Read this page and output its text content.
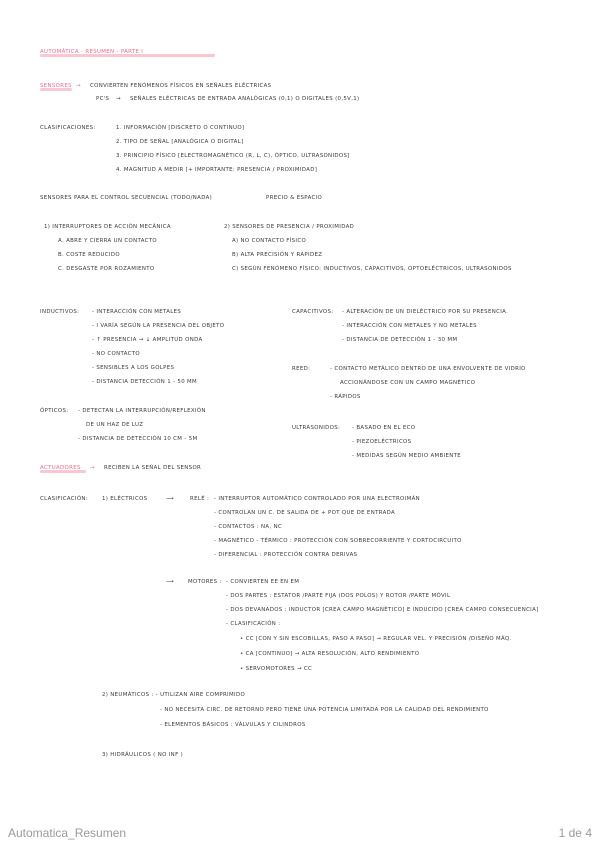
AUTOMÁTICA - RESUMEN - PARTE I
SENSORES → CONVIERTEN FENÓMENOS FÍSICOS EN SEÑALES ELÉCTRICAS
PC'S → SEÑALES ELÉCTRICAS DE ENTRADA ANALÓGICAS (0,1) O DIGITALES (0,5V,1)
CLASIFICACIONES:	1. INFORMACIÓN [DISCRETO O CONTINUO]
2. TIPO DE SEÑAL [ANALÓGICA O DIGITAL]
3. PRINCIPIO FÍSICO [ELECTROMAGNÉTICO (R, L, C), ÓPTICO, ULTRASONIDOS]
4. MAGNITUD A MEDIR [+ IMPORTANTE: PRESENCIA / PROXIMIDAD]
SENSORES PARA EL CONTROL SECUENCIAL (TODO/NADA)	PRECIO & ESPACIO
1) INTERRUPTORES DE ACCIÓN MECÁNICA
A. ABRE Y CIERRA UN CONTACTO
B. COSTE REDUCIDO
C. DESGASTE POR ROZAMIENTO
2) SENSORES DE PRESENCIA / PROXIMIDAD
A) NO CONTACTO FÍSICO
B) ALTA PRECISIÓN Y RAPIDEZ
C) SEGÚN FENÓMENO FÍSICO: INDUCTIVOS, CAPACITIVOS, OPTOELÉCTRICOS, ULTRASONIDOS
INDUCTIVOS: - INTERACCIÓN CON METALES
- I VARÍA SEGÚN LA PRESENCIA DEL OBJETO
- ↑ PRESENCIA → ↓ AMPLITUD ONDA
- NO CONTACTO
- SENSIBLES A LOS GOLPES
- DISTANCIA DETECCIÓN 1 - 50 MM
CAPACITIVOS: - ALTERACIÓN DE UN DIELÉCTRICO POR SU PRESENCIA.
- INTERACCIÓN CON METALES Y NO METALES
- DISTANCIA DE DETECCIÓN 1 - 30 MM
REED:	- CONTACTO METÁLICO DENTRO DE UNA ENVOLVENTE DE VIDRIO
ACCIONÁNDOSE CON UN CAMPO MAGNÉTICO
- RÁPIDOS
ÓPTICOS: - DETECTAN LA INTERRUPCIÓN/REFLEXIÓN
DE UN HAZ DE LUZ
- DISTANCIA DE DETECCIÓN 10 CM - 5M
ULTRASONIDOS: - BASADO EN EL ECO
- PIEZOELÉCTRICOS
- MEDIDAS SEGÚN MEDIO AMBIENTE
ACTUADORES → RECIBEN LA SEÑAL DEL SENSOR
CLASIFICACIÓN:	1) ELÉCTRICOS	⟶	RELÉ : - INTERRUPTOR AUTOMÁTICO CONTROLADO POR UNA ELECTROIMÁN
- CONTROLAN UN C. DE SALIDA DE + POT QUE DE ENTRADA
- CONTACTOS : NA, NC
- MAGNÉTICO - TÉRMICO : PROTECCIÓN CON SOBRECORRIENTE Y CORTOCIRCUITO
- DIFERENCIAL : PROTECCIÓN CONTRA DERIVAS
⟶	MOTORES : - CONVIERTEN EE EN EM
- DOS PARTES : ESTATOR /PARTE FIJA (DOS POLOS) Y ROTOR /PARTE MÓVIL
- DOS DEVANADOS : INDUCTOR [CREA CAMPO MAGNÉTICO] E INDUCIDO [CREA CAMPO CONSECUENCIA]
- CLASIFICACIÓN :
• CC [CON Y SIN ESCOBILLAS, PASO A PASO] → REGULAR VEL. Y PRECISIÓN /DISEÑO MÁQ.
• CA [CONTINUO] → ALTA RESOLUCIÓN, ALTO RENDIMIENTO
• SERVOMOTORES → CC
2) NEUMÁTICOS : - UTILIZAN AIRE COMPRIMIDO
- NO NECESITA CIRC. DE RETORNO PERO TIENE UNA POTENCIA LIMITADA POR LA CALIDAD DEL RENDIMIENTO
- ELEMENTOS BÁSICOS : VÁLVULAS Y CILINDROS
3) HIDRÁULICOS ( NO INF )
Automatica_Resumen	1 de 4
